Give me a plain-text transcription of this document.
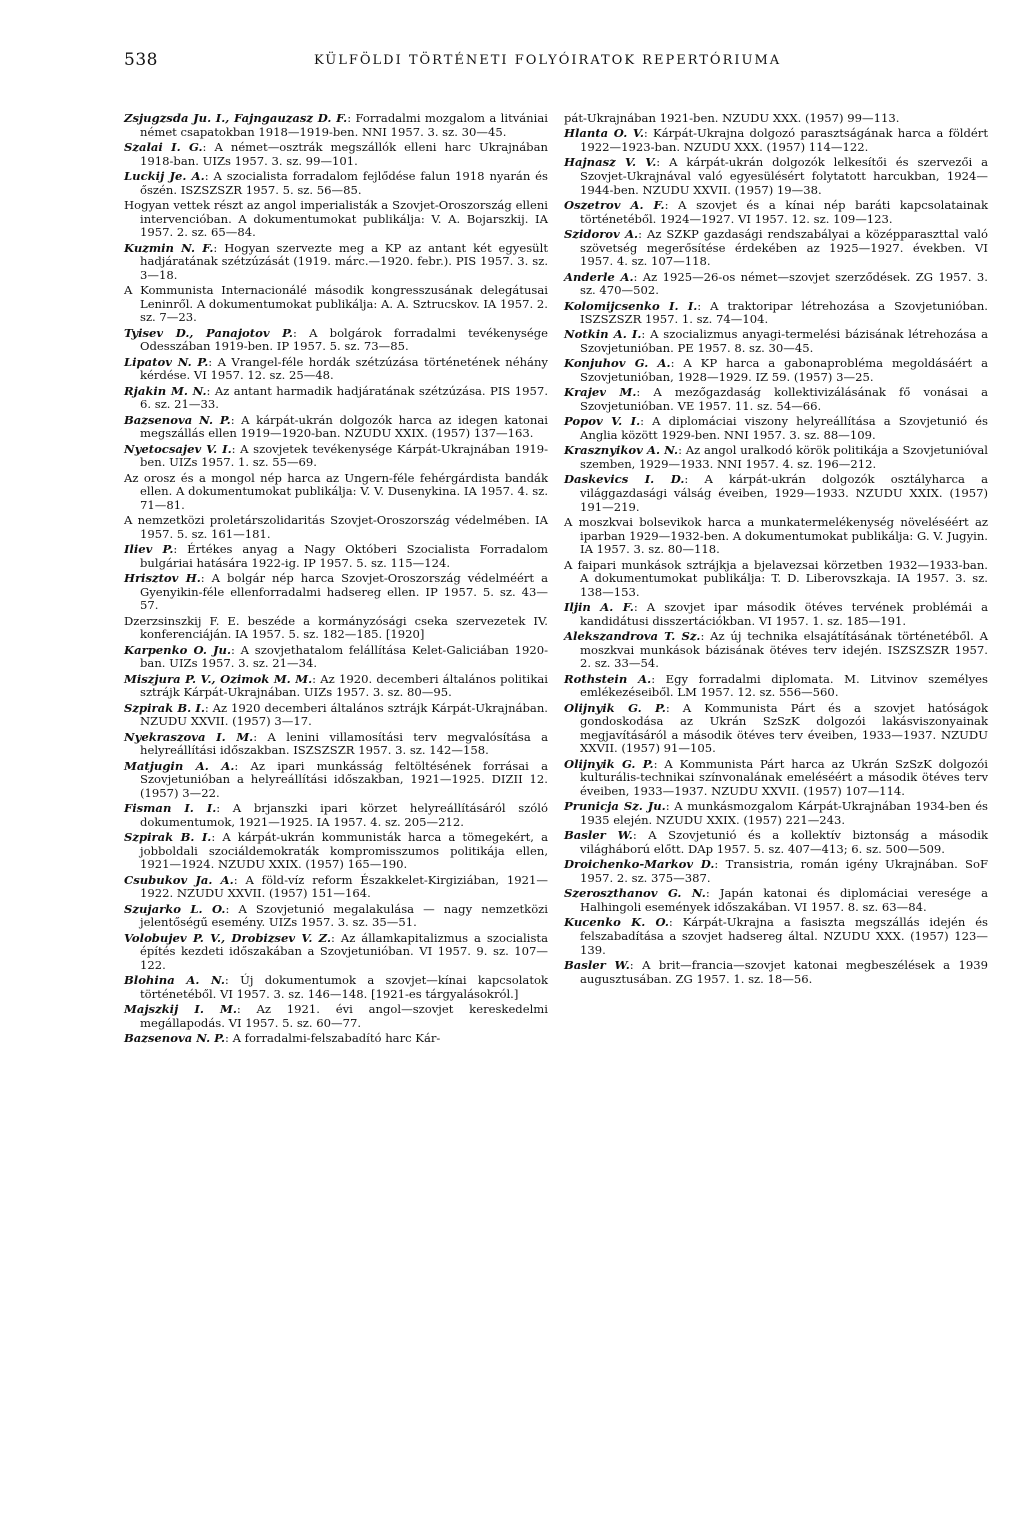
538	KÜLFÖLDI TÖRTÉNETI FOLYÓIRATOK REPERTÓRIUMA

Zsjugzsda Ju. I., Fajngauzasz D. F.: Forradalmi mozgalom a litvániai német csapatokban 1918—1919-ben. NNI 1957. 3. sz. 30—45.

Szalai I. G.: A német—osztrák megszállók elleni harc Ukrajnában 1918-ban. UIZs 1957. 3. sz. 99—101.

Luckij Je. A.: A szocialista forradalom fejlődése falun 1918 nyarán és őszén. ISZSZSZR 1957. 5. sz. 56—85.

Hogyan vettek részt az angol imperialisták a Szovjet-Oroszország elleni intervencióban. A dokumentumokat publikálja: V. A. Bojarszkij. IA 1957. 2. sz. 65—84.

Kuzmin N. F.: Hogyan szervezte meg a KP az antant két egyesült hadjáratának szétzúzását (1919. márc.—1920. febr.). PIS 1957. 3. sz. 3—18.

A Kommunista Internacionálé második kongresszusának delegátusai Leninről. A dokumentumokat publikálja: A. A. Sztrucskov. IA 1957. 2. sz. 7—23.

Tyisev D., Panajotov P.: A bolgárok forradalmi tevékenysége Odesszában 1919-ben. IP 1957. 5. sz. 73—85.

Lipatov N. P.: A Vrangel-féle hordák szétzúzása történetének néhány kérdése. VI 1957. 12. sz. 25—48.

Rjakin M. N.: Az antant harmadik hadjáratának szétzúzása. PIS 1957. 6. sz. 21—33.

Bazsenova N. P.: A kárpát-ukrán dolgozók harca az idegen katonai megszállás ellen 1919—1920-ban. NZUDU XXIX. (1957) 137—163.

Nyetocsajev V. I.: A szovjetek tevékenysége Kárpát-Ukrajnában 1919-ben. UIZs 1957. 1. sz. 55—69.

Az orosz és a mongol nép harca az Ungern-féle fehérgárdista bandák ellen. A dokumentumokat publikálja: V. V. Dusenykina. IA 1957. 4. sz. 71—81.

A nemzetközi proletárszolidaritás Szovjet-Oroszország védelmében. IA 1957. 5. sz. 161—181.

Iliev P.: Értékes anyag a Nagy Októberi Szocialista Forradalom bulgáriai hatására 1922-ig. IP 1957. 5. sz. 115—124.

Hrisztov H.: A bolgár nép harca Szovjet-Oroszország védelméért a Gyenyikin-féle ellenforradalmi hadsereg ellen. IP 1957. 5. sz. 43—57.

Dzerzsinszkij F. E. beszéde a kormányzósági cseka szervezetek IV. konferenciáján. IA 1957. 5. sz. 182—185. [1920]

Karpenko O. Ju.: A szovjethatalom felállítása Kelet-Galiciában 1920-ban. UIZs 1957. 3. sz. 21—34.

Miszjura P. V., Ozimok M. M.: Az 1920. decemberi általános politikai sztrájk Kárpát-Ukrajnában. UIZs 1957. 3. sz. 80—95.

Szpirak B. I.: Az 1920 decemberi általános sztrájk Kárpát-Ukrajnában. NZUDU XXVII. (1957) 3—17.

Nyekraszova I. M.: A lenini villamosítási terv megvalósítása a helyreállítási időszakban. ISZSZSZR 1957. 3. sz. 142—158.

Matjugin A. A.: Az ipari munkásság feltöltésének forrásai a Szovjetunióban a helyreállítási időszakban, 1921—1925. DIZII 12. (1957) 3—22.

Fisman I. I.: A brjanszki ipari körzet helyreállításáról szóló dokumentumok, 1921—1925. IA 1957. 4. sz. 205—212.

Szpirak B. I.: A kárpát-ukrán kommunisták harca a tömegekért, a jobboldali szociáldemokraták kompromisszumos politikája ellen, 1921—1924. NZUDU XXIX. (1957) 165—190.

Csubukov Ja. A.: A föld-víz reform Északkelet-Kirgiziában, 1921—1922. NZUDU XXVII. (1957) 151—164.

Szujarko L. O.: A Szovjetunió megalakulása — nagy nemzetközi jelentőségű esemény. UIZs 1957. 3. sz. 35—51.

Volobujev P. V., Drobizsev V. Z.: Az államkapitalizmus a szocialista építés kezdeti időszakában a Szovjetunióban. VI 1957. 9. sz. 107—122.

Blohina A. N.: Új dokumentumok a szovjet—kínai kapcsolatok történetéből. VI 1957. 3. sz. 146—148. [1921-es tárgyalásokról.]

Majszkij I. M.: Az 1921. évi angol—szovjet kereskedelmi megállapodás. VI 1957. 5. sz. 60—77.

Bazsenova N. P.: A forradalmi-felszabadító harc Kár-

pát-Ukrajnában 1921-ben. NZUDU XXX. (1957) 99—113.

Hlanta O. V.: Kárpát-Ukrajna dolgozó parasztságának harca a földért 1922—1923-ban. NZUDU XXX. (1957) 114—122.

Hajnasz V. V.: A kárpát-ukrán dolgozók lelkesítői és szervezői a Szovjet-Ukrajnával való egyesülésért folytatott harcukban, 1924—1944-ben. NZUDU XXVII. (1957) 19—38.

Oszetrov A. F.: A szovjet és a kínai nép baráti kapcsolatainak történetéből. 1924—1927. VI 1957. 12. sz. 109—123.

Szidorov A.: Az SZKP gazdasági rendszabályai a középparaszttal való szövetség megerősítése érdekében az 1925—1927. években. VI 1957. 4. sz. 107—118.

Anderle A.: Az 1925—26-os német—szovjet szerződések. ZG 1957. 3. sz. 470—502.

Kolomijcsenko I. I.: A traktoripar létrehozása a Szovjetunióban. ISZSZSZR 1957. 1. sz. 74—104.

Notkin A. I.: A szocializmus anyagi-termelési bázisának létrehozása a Szovjetunióban. PE 1957. 8. sz. 30—45.

Konjuhov G. A.: A KP harca a gabonaprobléma megoldásáért a Szovjetunióban, 1928—1929. IZ 59. (1957) 3—25.

Krajev M.: A mezőgazdaság kollektivizálásának fő vonásai a Szovjetunióban. VE 1957. 11. sz. 54—66.

Popov V. I.: A diplomáciai viszony helyreállítása a Szovjetunió és Anglia között 1929-ben. NNI 1957. 3. sz. 88—109.

Krasznyikov A. N.: Az angol uralkodó körök politikája a Szovjetunióval szemben, 1929—1933. NNI 1957. 4. sz. 196—212.

Daskevics I. D.: A kárpát-ukrán dolgozók osztályharca a világgazdasági válság éveiben, 1929—1933. NZUDU XXIX. (1957) 191—219.

A moszkvai bolsevikok harca a munkatermelékenység növeléséért az iparban 1929—1932-ben. A dokumentumokat publikálja: G. V. Jugyin. IA 1957. 3. sz. 80—118.

A faipari munkások sztrájkja a bjelavezsai körzetben 1932—1933-ban. A dokumentumokat publikálja: T. D. Liberovszkaja. IA 1957. 3. sz. 138—153.

Iljin A. F.: A szovjet ipar második ötéves tervének problémái a kandidátusi disszertációkban. VI 1957. 1. sz. 185—191.

Alekszandrova T. Sz.: Az új technika elsajátításának történetéből. A moszkvai munkások bázisának ötéves terv idején. ISZSZSZR 1957. 2. sz. 33—54.

Rothstein A.: Egy forradalmi diplomata. M. Litvinov személyes emlékezéseiből. LM 1957. 12. sz. 556—560.

Olijnyik G. P.: A Kommunista Párt és a szovjet hatóságok gondoskodása az Ukrán SzSzK dolgozói lakásviszonyainak megjavításáról a második ötéves terv éveiben, 1933—1937. NZUDU XXVII. (1957) 91—105.

Olijnyik G. P.: A Kommunista Párt harca az Ukrán SzSzK dolgozói kulturális-technikai színvonalának emeléséért a második ötéves terv éveiben, 1933—1937. NZUDU XXVII. (1957) 107—114.

Prunicja Sz. Ju.: A munkásmozgalom Kárpát-Ukrajnában 1934-ben és 1935 elején. NZUDU XXIX. (1957) 221—243.

Basler W.: A Szovjetunió és a kollektív biztonság a második világháború előtt. DAp 1957. 5. sz. 407—413; 6. sz. 500—509.

Droichenko-Markov D.: Transistria, román igény Ukrajnában. SoF 1957. 2. sz. 375—387.

Szeroszthanov G. N.: Japán katonai és diplomáciai veresége a Halhingoli események időszakában. VI 1957. 8. sz. 63—84.

Kucenko K. O.: Kárpát-Ukrajna a fasiszta megszállás idején és felszabadítása a szovjet hadsereg által. NZUDU XXX. (1957) 123—139.

Basler W.: A brit—francia—szovjet katonai megbeszélések a 1939 augusztusában. ZG 1957. 1. sz. 18—56.
